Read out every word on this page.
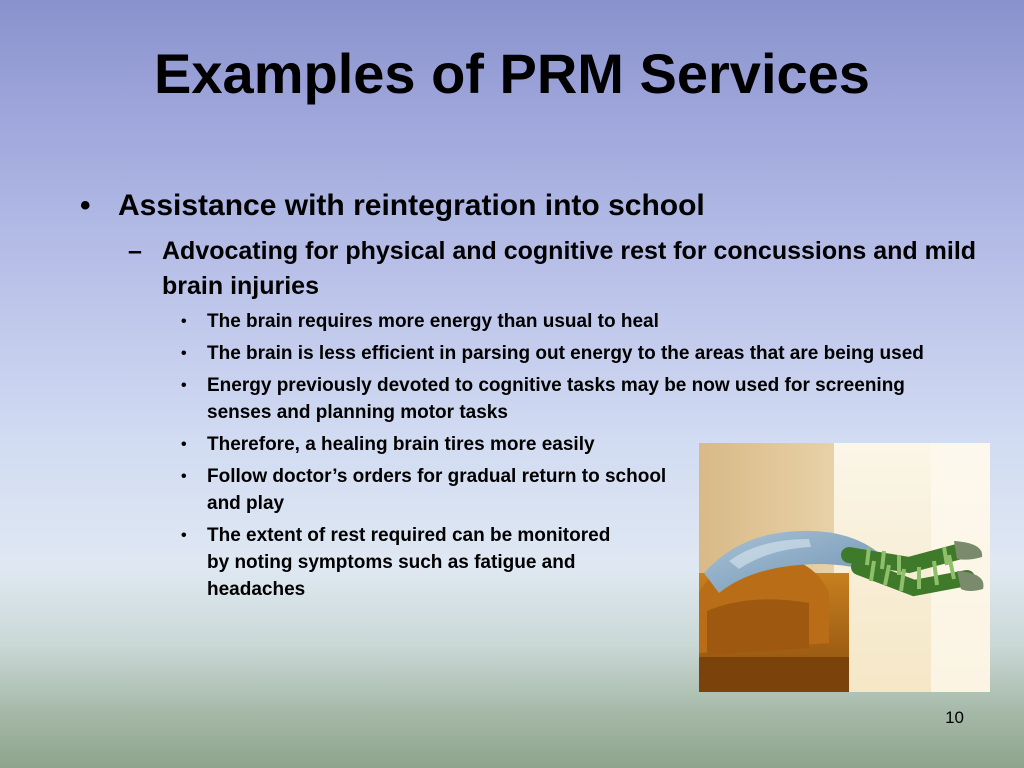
Examples of PRM Services
• Assistance with reintegration into school
– Advocating for physical and cognitive rest for concussions and mild brain injuries
• The brain requires more energy than usual to heal
• The brain is less efficient in parsing out energy to the areas that are being used
• Energy previously devoted to cognitive tasks may be now used for screening senses and planning motor tasks
• Therefore, a healing brain tires more easily
• Follow doctor’s orders for gradual return to school and play
• The extent of rest required can be monitored by noting symptoms such as fatigue and headaches
10
